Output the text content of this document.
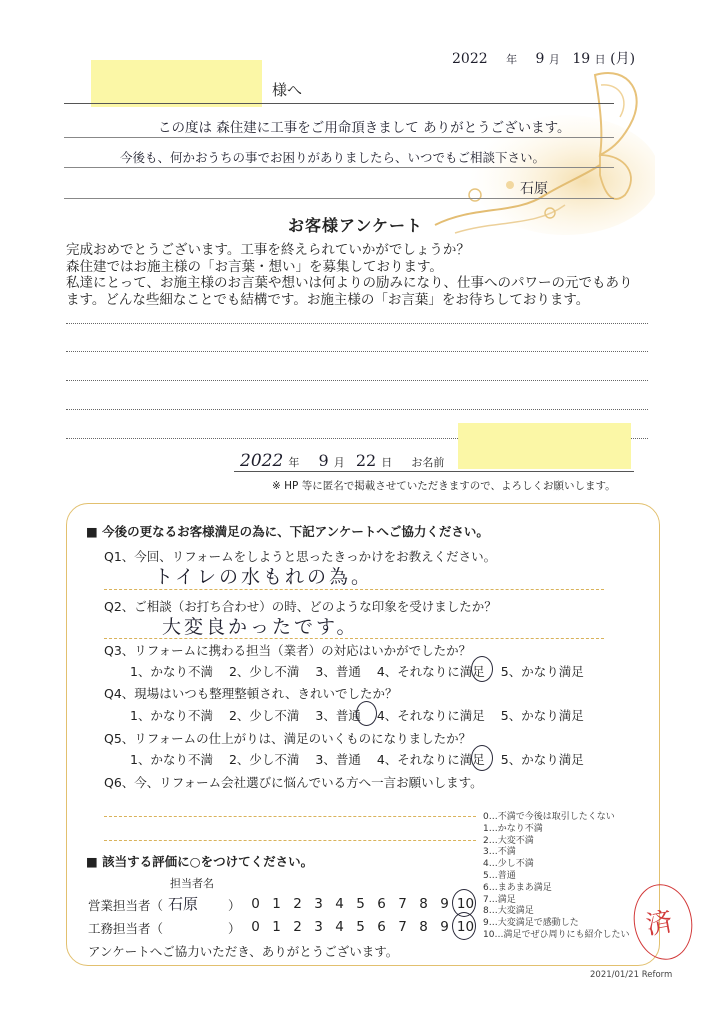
2022 年 9 月 19 日 (月)
様へ
この度は 森住建に工事をご用命頂きまして ありがとうございます。
今後も、何かおうちの事でお困りがありましたら、いつでもご相談下さい。
石原
お客様アンケート
完成おめでとうございます。工事を終えられていかがでしょうか？
森住建ではお施主様の「お言葉・想い」を募集しております。
私達にとって、お施主様のお言葉や想いは何よりの励みになり、仕事へのパワーの元でもあり
ます。どんな些細なことでも結構です。お施主様の「お言葉」をお待ちしております。
2022 年 9 月 22 日 お名前
※ HP 等に匿名で掲載させていただきますので、よろしくお願いします。
■ 今後の更なるお客様満足の為に、下記アンケートへご協力ください。
Q1、今回、リフォームをしようと思ったきっかけをお教えください。
トイレの水もれの為。
Q2、ご相談（お打ち合わせ）の時、どのような印象を受けましたか？
大変良かったです。
Q3、リフォームに携わる担当（業者）の対応はいかがでしたか？
1、かなり不満 2、少し不満 3、普通 4、それなりに満足 5、かなり満足
Q4、現場はいつも整理整頓され、きれいでしたか？
1、かなり不満 2、少し不満 3、普通 4、それなりに満足 5、かなり満足
Q5、リフォームの仕上がりは、満足のいくものになりましたか？
1、かなり不満 2、少し不満 3、普通 4、それなりに満足 5、かなり満足
Q6、今、リフォーム会社選びに悩んでいる方へ一言お願いします。
0…不満で今後は取引したくない
1…かなり不満
2…大変不満
3…不満
4…少し不満
5…普通
6…まあまあ満足
7…満足
8…大変満足
9…大変満足で感動した
10…満足でぜひ周りにも紹介したい
■ 該当する評価に○をつけてください。
担当者名
営業担当者（ 石原 ） 0 1 2 3 4 5 6 7 8 9 10
工務担当者（	） 0 1 2 3 4 5 6 7 8 9 10
アンケートへご協力いただき、ありがとうございます。
済
2021/01/21 Reform
